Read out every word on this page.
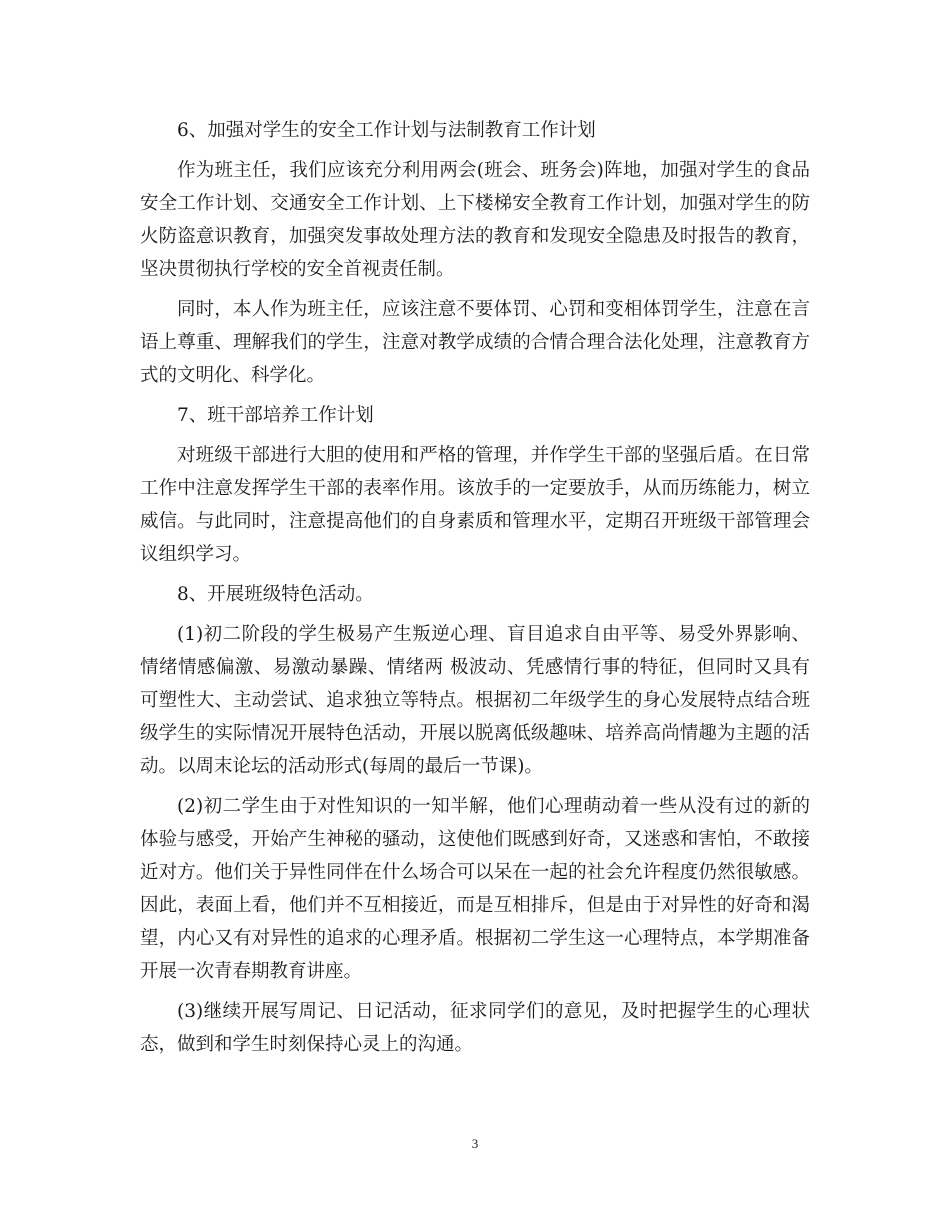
6、加强对学生的安全工作计划与法制教育工作计划

作为班主任，我们应该充分利用两会(班会、班务会)阵地，加强对学生的食品安全工作计划、交通安全工作计划、上下楼梯安全教育工作计划，加强对学生的防火防盗意识教育，加强突发事故处理方法的教育和发现安全隐患及时报告的教育，坚决贯彻执行学校的安全首视责任制。

同时，本人作为班主任，应该注意不要体罚、心罚和变相体罚学生，注意在言语上尊重、理解我们的学生，注意对教学成绩的合情合理合法化处理，注意教育方式的文明化、科学化。

7、班干部培养工作计划

对班级干部进行大胆的使用和严格的管理，并作学生干部的坚强后盾。在日常工作中注意发挥学生干部的表率作用。该放手的一定要放手，从而历练能力，树立威信。与此同时，注意提高他们的自身素质和管理水平，定期召开班级干部管理会议组织学习。

8、开展班级特色活动。

(1)初二阶段的学生极易产生叛逆心理、盲目追求自由平等、易受外界影响、情绪情感偏激、易激动暴躁、情绪两 极波动、凭感情行事的特征，但同时又具有可塑性大、主动尝试、追求独立等特点。根据初二年级学生的身心发展特点结合班级学生的实际情况开展特色活动，开展以脱离低级趣味、培养高尚情趣为主题的活动。以周末论坛的活动形式(每周的最后一节课)。

(2)初二学生由于对性知识的一知半解，他们心理萌动着一些从没有过的新的体验与感受，开始产生神秘的骚动，这使他们既感到好奇，又迷惑和害怕，不敢接近对方。他们关于异性同伴在什么场合可以呆在一起的社会允许程度仍然很敏感。因此，表面上看，他们并不互相接近，而是互相排斥，但是由于对异性的好奇和渴望，内心又有对异性的追求的心理矛盾。根据初二学生这一心理特点，本学期准备开展一次青春期教育讲座。

(3)继续开展写周记、日记活动，征求同学们的意见，及时把握学生的心理状态，做到和学生时刻保持心灵上的沟通。

3
